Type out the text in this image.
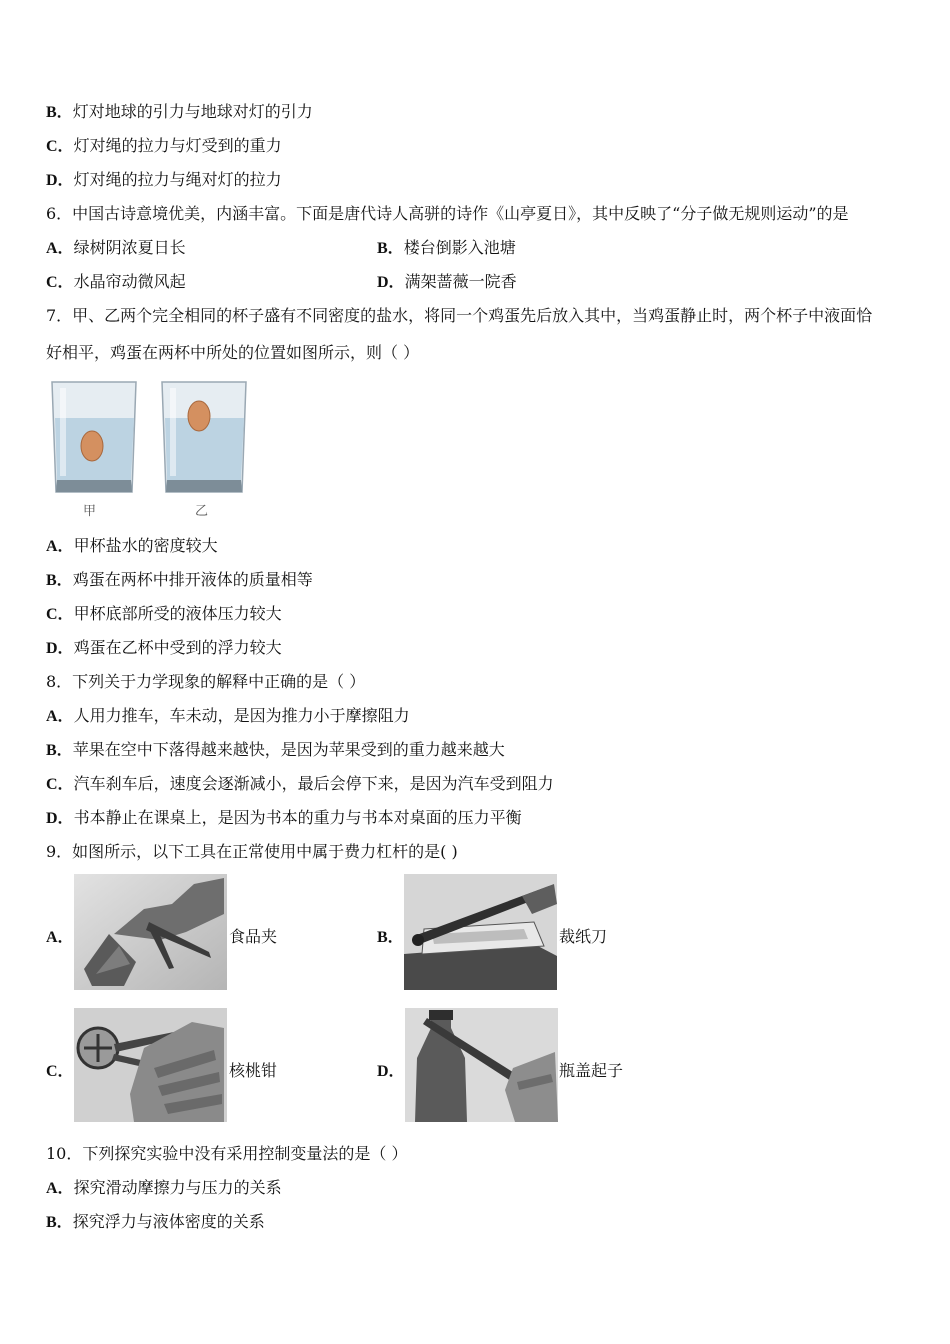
B．灯对地球的引力与地球对灯的引力
C．灯对绳的拉力与灯受到的重力
D．灯对绳的拉力与绳对灯的拉力
6．中国古诗意境优美，内涵丰富。下面是唐代诗人高骈的诗作《山亭夏日》，其中反映了“分子做无规则运动”的是
A．绿树阴浓夏日长	B．楼台倒影入池塘
C．水晶帘动微风起	D．满架蔷薇一院香
7．甲、乙两个完全相同的杯子盛有不同密度的盐水，将同一个鸡蛋先后放入其中，当鸡蛋静止时，两个杯子中液面恰
好相平，鸡蛋在两杯中所处的位置如图所示，则（ ）
甲	乙
A．甲杯盐水的密度较大
B．鸡蛋在两杯中排开液体的质量相等
C．甲杯底部所受的液体压力较大
D．鸡蛋在乙杯中受到的浮力较大
8．下列关于力学现象的解释中正确的是（ ）
A．人用力推车，车未动，是因为推力小于摩擦阻力
B．苹果在空中下落得越来越快，是因为苹果受到的重力越来越大
C．汽车刹车后，速度会逐渐减小，最后会停下来，是因为汽车受到阻力
D．书本静止在课桌上，是因为书本的重力与书本对桌面的压力平衡
9．如图所示，以下工具在正常使用中属于费力杠杆的是( )
A．	食品夹	B．	裁纸刀
C．	核桃钳	D．	瓶盖起子
10．下列探究实验中没有采用控制变量法的是（ ）
A．探究滑动摩擦力与压力的关系
B．探究浮力与液体密度的关系
